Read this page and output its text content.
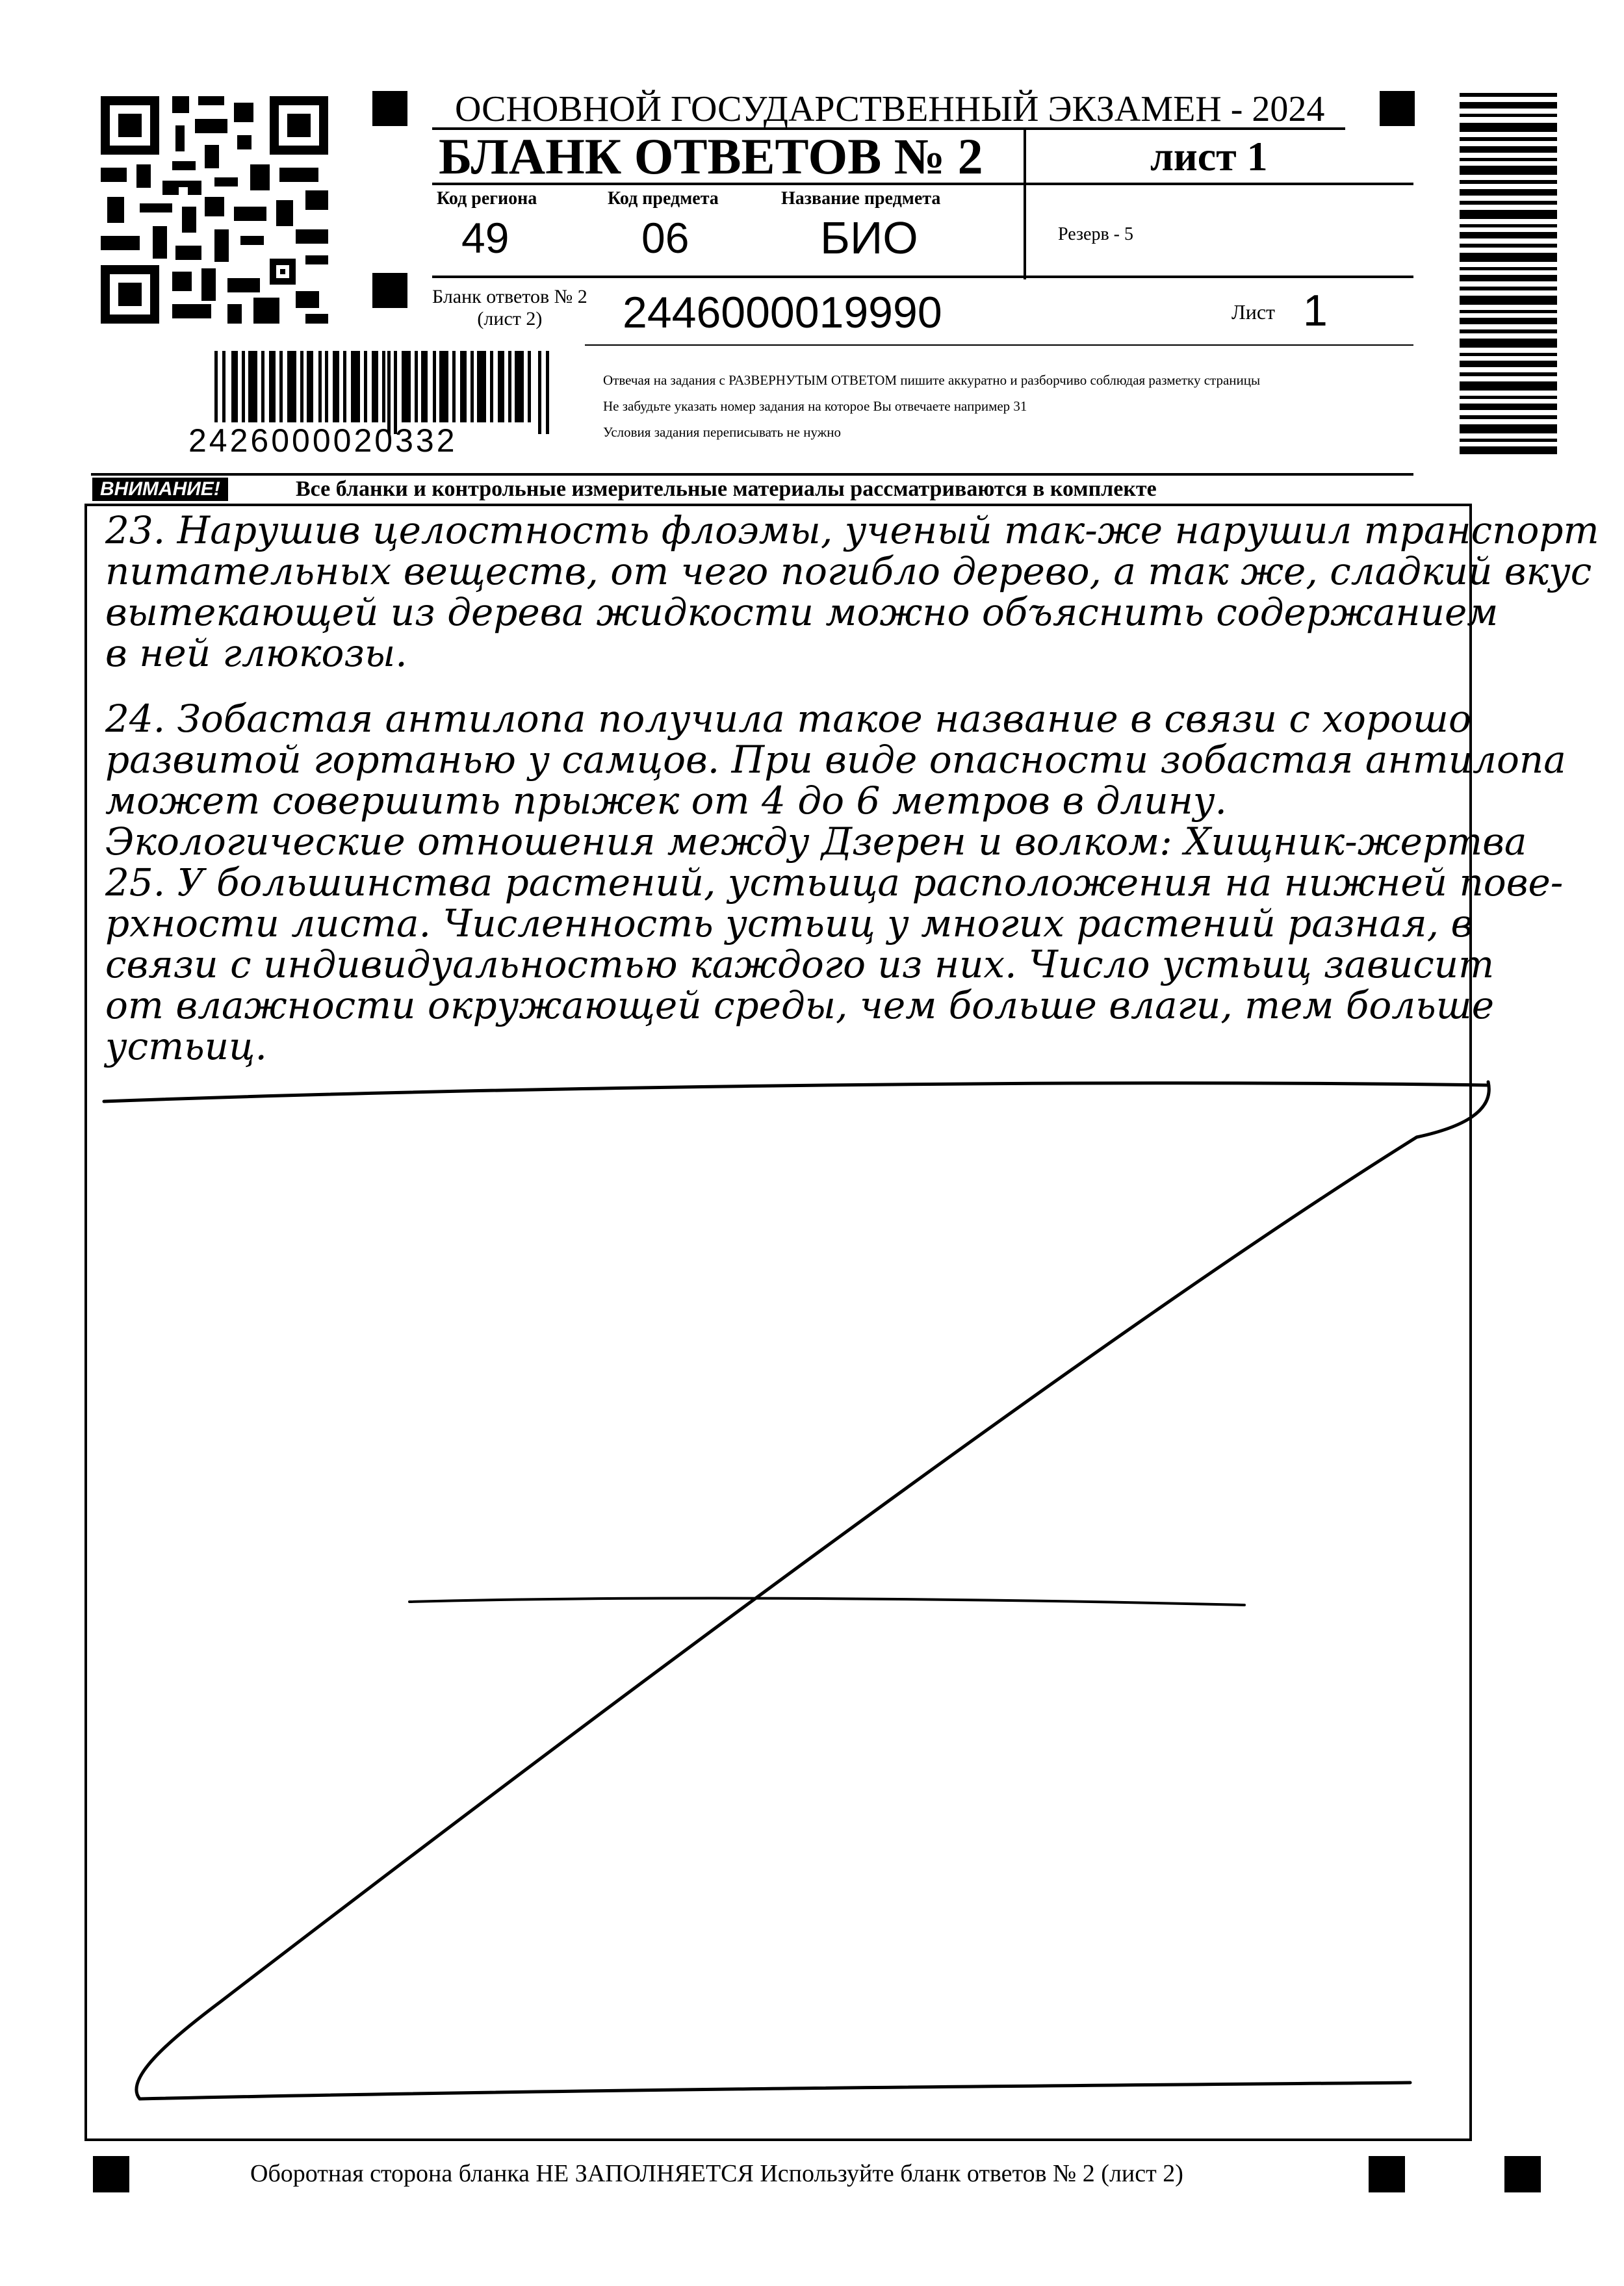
ОСНОВНОЙ ГОСУДАРСТВЕННЫЙ ЭКЗАМЕН - 2024
БЛАНК ОТВЕТОВ № 2	лист 1
Код региона
49
Код предмета
06
Название предмета
БИО	Резерв - 5
Бланк ответов № 2
(лист 2)	2446000019990	Лист 1
2426000020332
Отвечая на задания с РАЗВЕРНУТЫМ ОТВЕТОМ пишите аккуратно и разборчиво соблюдая разметку страницы
Не забудьте указать номер задания на которое Вы отвечаете например 31
Условия задания переписывать не нужно
ВНИМАНИЕ!	Все бланки и контрольные измерительные материалы рассматриваются в комплекте
23. Нарушив целостность флоэмы, ученый так-же нарушил транспорт
питательных веществ, от чего погибло дерево, а так же, сладкий вкус
вытекающей из дерева жидкости можно объяснить содержанием
в ней глюкозы.
24. Зобастая антилопа получила такое название в связи с хорошо
развитой гортанью у самцов. При виде опасности зобастая антилопа
может совершить прыжек от 4 до 6 метров в длину.
Экологические отношения между Дзерен и волком: Хищник-жертва
25. У большинства растений, устьица расположения на нижней пове-
рхности листа. Численность устьиц у многих растений разная, в
связи с индивидуальностью каждого из них. Число устьиц зависит
от влажности окружающей среды, чем больше влаги, тем больше
устьиц.
Оборотная сторона бланка НЕ ЗАПОЛНЯЕТСЯ Используйте бланк ответов № 2 (лист 2)
